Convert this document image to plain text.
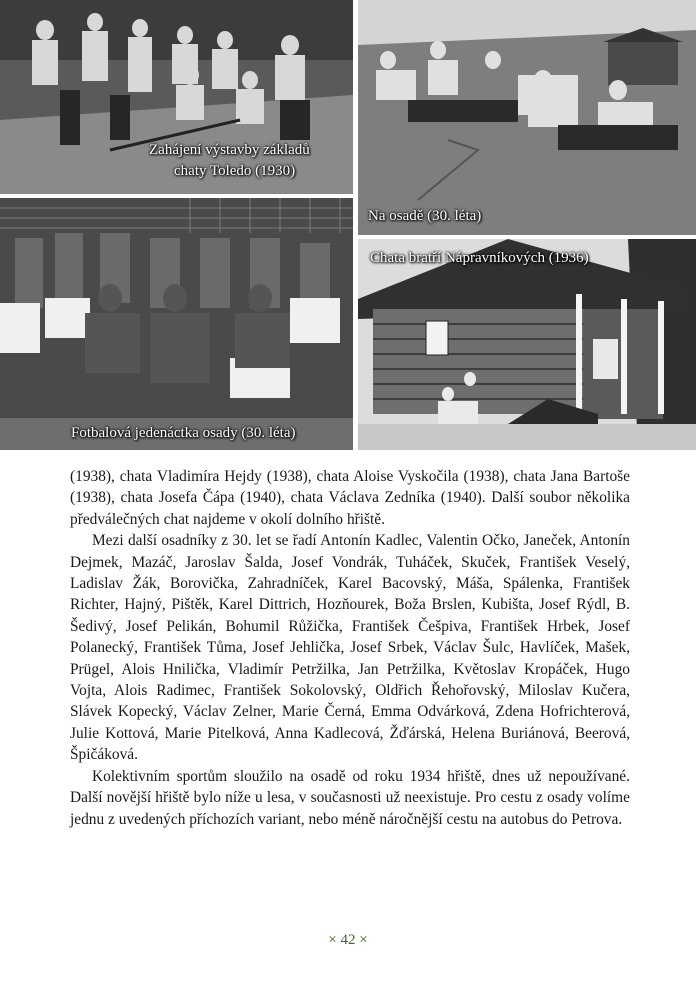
Zahájení výstavby základů
chaty Toledo (1930)
Na osadě (30. léta)
Fotbalová jedenáctka osady (30. léta)
Chata bratří Nápravníkových (1936)

(1938), chata Vladimíra Hejdy (1938), chata Aloise Vyskočila (1938), chata Jana Bartoše (1938), chata Josefa Čápa (1940), chata Václava Zedníka (1940). Další soubor několika předválečných chat najdeme v okolí dolního hřiště.

Mezi další osadníky z 30. let se řadí Antonín Kadlec, Valentin Očko, Janeček, Antonín Dejmek, Mazáč, Jaroslav Šalda, Josef Vondrák, Tuháček, Skuček, František Veselý, Ladislav Žák, Borovička, Zahradníček, Karel Bacovský, Máša, Spálenka, František Richter, Hajný, Pištěk, Karel Dittrich, Hozňourek, Boža Brslen, Kubišta, Josef Rýdl, B. Šedivý, Josef Pelikán, Bohumil Růžička, František Češpiva, František Hrbek, Josef Polanecký, František Tůma, Josef Jehlička, Josef Srbek, Václav Šulc, Havlíček, Mašek, Prügel, Alois Hnilička, Vladimír Petržilka, Jan Petržilka, Květoslav Kropáček, Hugo Vojta, Alois Radimec, František Sokolovský, Oldřich Řehořovský, Miloslav Kučera, Slávek Kopecký, Václav Zelner, Marie Černá, Emma Odvárková, Zdena Hofrichterová, Julie Kottová, Marie Pitelková, Anna Kadlecová, Žďárská, Helena Buriánová, Beerová, Špičáková.

Kolektivním sportům sloužilo na osadě od roku 1934 hřiště, dnes už nepoužívané. Další novější hřiště bylo níže u lesa, v současnosti už neexistuje. Pro cestu z osady volíme jednu z uvedených příchozích variant, nebo méně náročnější cestu na autobus do Petrova.

× 42 ×
